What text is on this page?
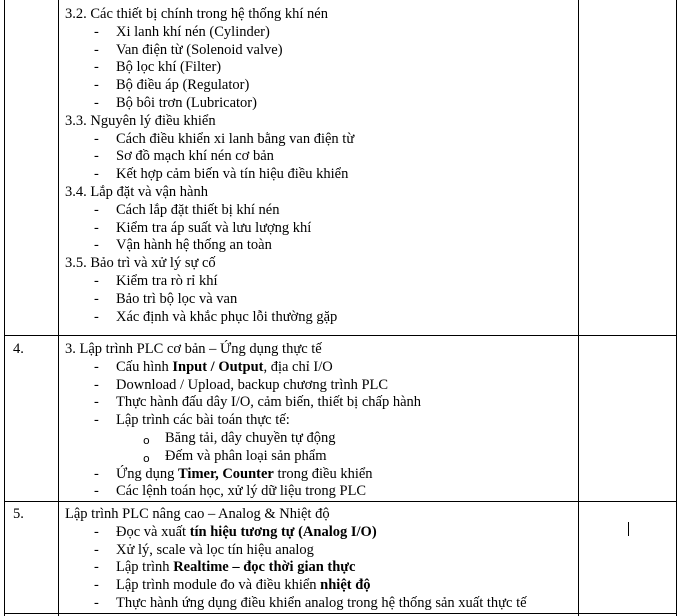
4.
5.
3.2. Các thiết bị chính trong hệ thống khí nén
- Xi lanh khí nén (Cylinder)
- Van điện từ (Solenoid valve)
- Bộ lọc khí (Filter)
- Bộ điều áp (Regulator)
- Bộ bôi trơn (Lubricator)
3.3. Nguyên lý điều khiển
- Cách điều khiển xi lanh bằng van điện từ
- Sơ đồ mạch khí nén cơ bản
- Kết hợp cảm biến và tín hiệu điều khiển
3.4. Lắp đặt và vận hành
- Cách lắp đặt thiết bị khí nén
- Kiểm tra áp suất và lưu lượng khí
- Vận hành hệ thống an toàn
3.5. Bảo trì và xử lý sự cố
- Kiểm tra rò rỉ khí
- Bảo trì bộ lọc và van
- Xác định và khắc phục lỗi thường gặp
3. Lập trình PLC cơ bản – Ứng dụng thực tế
- Cấu hình Input / Output, địa chỉ I/O
- Download / Upload, backup chương trình PLC
- Thực hành đấu dây I/O, cảm biến, thiết bị chấp hành
- Lập trình các bài toán thực tế:
o Băng tải, dây chuyền tự động
o Đếm và phân loại sản phẩm
- Ứng dụng Timer, Counter trong điều khiển
- Các lệnh toán học, xử lý dữ liệu trong PLC
Lập trình PLC nâng cao – Analog & Nhiệt độ
- Đọc và xuất tín hiệu tương tự (Analog I/O)
- Xử lý, scale và lọc tín hiệu analog
- Lập trình Realtime – đọc thời gian thực
- Lập trình module đo và điều khiển nhiệt độ
- Thực hành ứng dụng điều khiển analog trong hệ thống sản xuất thực tế
